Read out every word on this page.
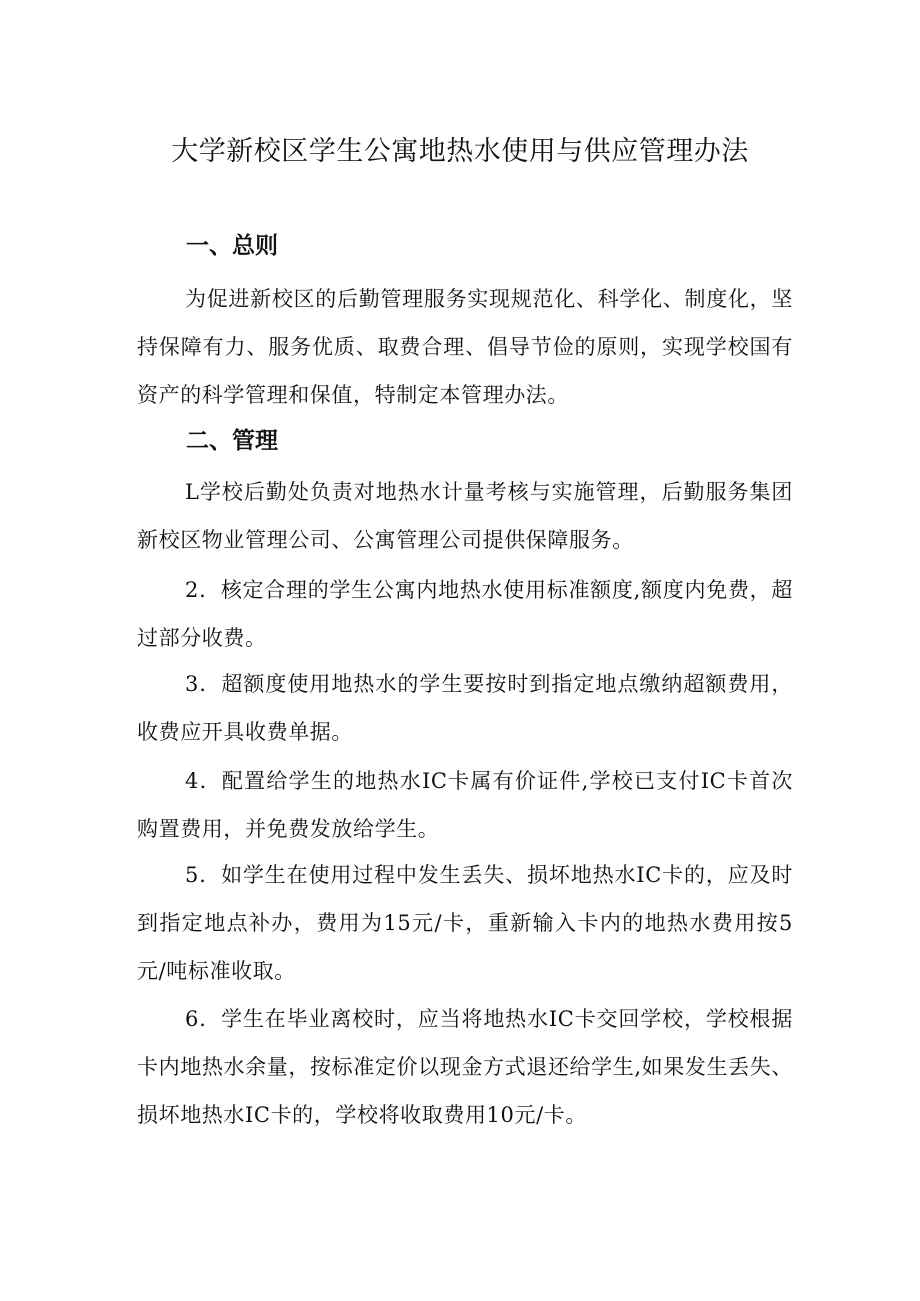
大学新校区学生公寓地热水使用与供应管理办法
一、总则

为促进新校区的后勤管理服务实现规范化、科学化、制度化，坚持保障有力、服务优质、取费合理、倡导节俭的原则，实现学校国有资产的科学管理和保值，特制定本管理办法。

二、管理

L学校后勤处负责对地热水计量考核与实施管理，后勤服务集团新校区物业管理公司、公寓管理公司提供保障服务。

2．核定合理的学生公寓内地热水使用标准额度,额度内免费，超过部分收费。

3．超额度使用地热水的学生要按时到指定地点缴纳超额费用，收费应开具收费单据。

4．配置给学生的地热水IC卡属有价证件,学校已支付IC卡首次购置费用，并免费发放给学生。

5．如学生在使用过程中发生丢失、损坏地热水IC卡的，应及时到指定地点补办，费用为15元/卡，重新输入卡内的地热水费用按5元/吨标准收取。

6．学生在毕业离校时，应当将地热水IC卡交回学校，学校根据卡内地热水余量，按标准定价以现金方式退还给学生,如果发生丢失、损坏地热水IC卡的，学校将收取费用10元/卡。
